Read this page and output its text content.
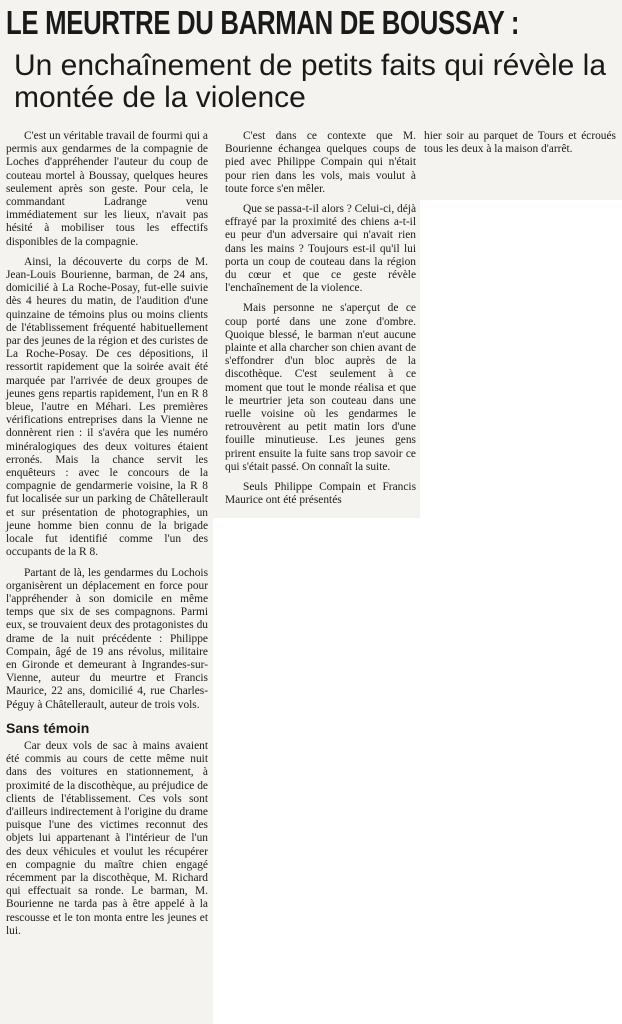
LE MEURTRE DU BARMAN DE BOUSSAY :
Un enchaînement de petits faits qui révèle la montée de la violence

C'est un véritable travail de fourmi qui a permis aux gendarmes de la compagnie de Loches d'appréhender l'auteur du coup de couteau mortel à Boussay, quelques heures seulement après son geste. Pour cela, le commandant Ladrange venu immédiatement sur les lieux, n'avait pas hésité à mobiliser tous les effectifs disponibles de la compagnie.

Ainsi, la découverte du corps de M. Jean-Louis Bourienne, barman, de 24 ans, domicilié à La Roche-Posay, fut-elle suivie dès 4 heures du matin, de l'audition d'une quinzaine de témoins plus ou moins clients de l'établissement fréquenté habituellement par des jeunes de la région et des curistes de La Roche-Posay. De ces dépositions, il ressortit rapidement que la soirée avait été marquée par l'arrivée de deux groupes de jeunes gens repartis rapidement, l'un en R 8 bleue, l'autre en Méhari. Les premières vérifications entreprises dans la Vienne ne donnèrent rien : il s'avéra que les numéro minéralogiques des deux voitures étaient erronés. Mais la chance servit les enquêteurs : avec le concours de la compagnie de gendarmerie voisine, la R 8 fut localisée sur un parking de Châtellerault et sur présentation de photographies, un jeune homme bien connu de la brigade locale fut identifié comme l'un des occupants de la R 8.

Partant de là, les gendarmes du Lochois organisèrent un déplacement en force pour l'appréhender à son domicile en même temps que six de ses compagnons. Parmi eux, se trouvaient deux des protagonistes du drame de la nuit précédente : Philippe Compain, âgé de 19 ans révolus, militaire en Gironde et demeurant à Ingrandes-sur-Vienne, auteur du meurtre et Francis Maurice, 22 ans, domicilié 4, rue Charles-Péguy à Châtellerault, auteur de trois vols.

Sans témoin

Car deux vols de sac à mains avaient été commis au cours de cette même nuit dans des voitures en stationnement, à proximité de la discothèque, au préjudice de clients de l'établissement. Ces vols sont d'ailleurs indirectement à l'origine du drame puisque l'une des victimes reconnut des objets lui appartenant à l'intérieur de l'un des deux véhicules et voulut les récupérer en compagnie du maître chien engagé récemment par la discothèque, M. Richard qui effectuait sa ronde. Le barman, M. Bourienne ne tarda pas à être appelé à la rescousse et le ton monta entre les jeunes et lui.

C'est dans ce contexte que M. Bourienne échangea quelques coups de pied avec Philippe Compain qui n'était pour rien dans les vols, mais voulut à toute force s'en mêler.

Que se passa-t-il alors ? Celui-ci, déjà effrayé par la proximité des chiens a-t-il eu peur d'un adversaire qui n'avait rien dans les mains ? Toujours est-il qu'il lui porta un coup de couteau dans la région du cœur et que ce geste révèle l'enchaînement de la violence.

Mais personne ne s'aperçut de ce coup porté dans une zone d'ombre. Quoique blessé, le barman n'eut aucune plainte et alla charcher son chien avant de s'effondrer d'un bloc auprès de la discothèque. C'est seulement à ce moment que tout le monde réalisa et que le meurtrier jeta son couteau dans une ruelle voisine où les gendarmes le retrouvèrent au petit matin lors d'une fouille minutieuse. Les jeunes gens prirent ensuite la fuite sans trop savoir ce qui s'était passé. On connaît la suite.

Seuls Philippe Compain et Francis Maurice ont été présentés

hier soir au parquet de Tours et écroués tous les deux à la maison d'arrêt.
